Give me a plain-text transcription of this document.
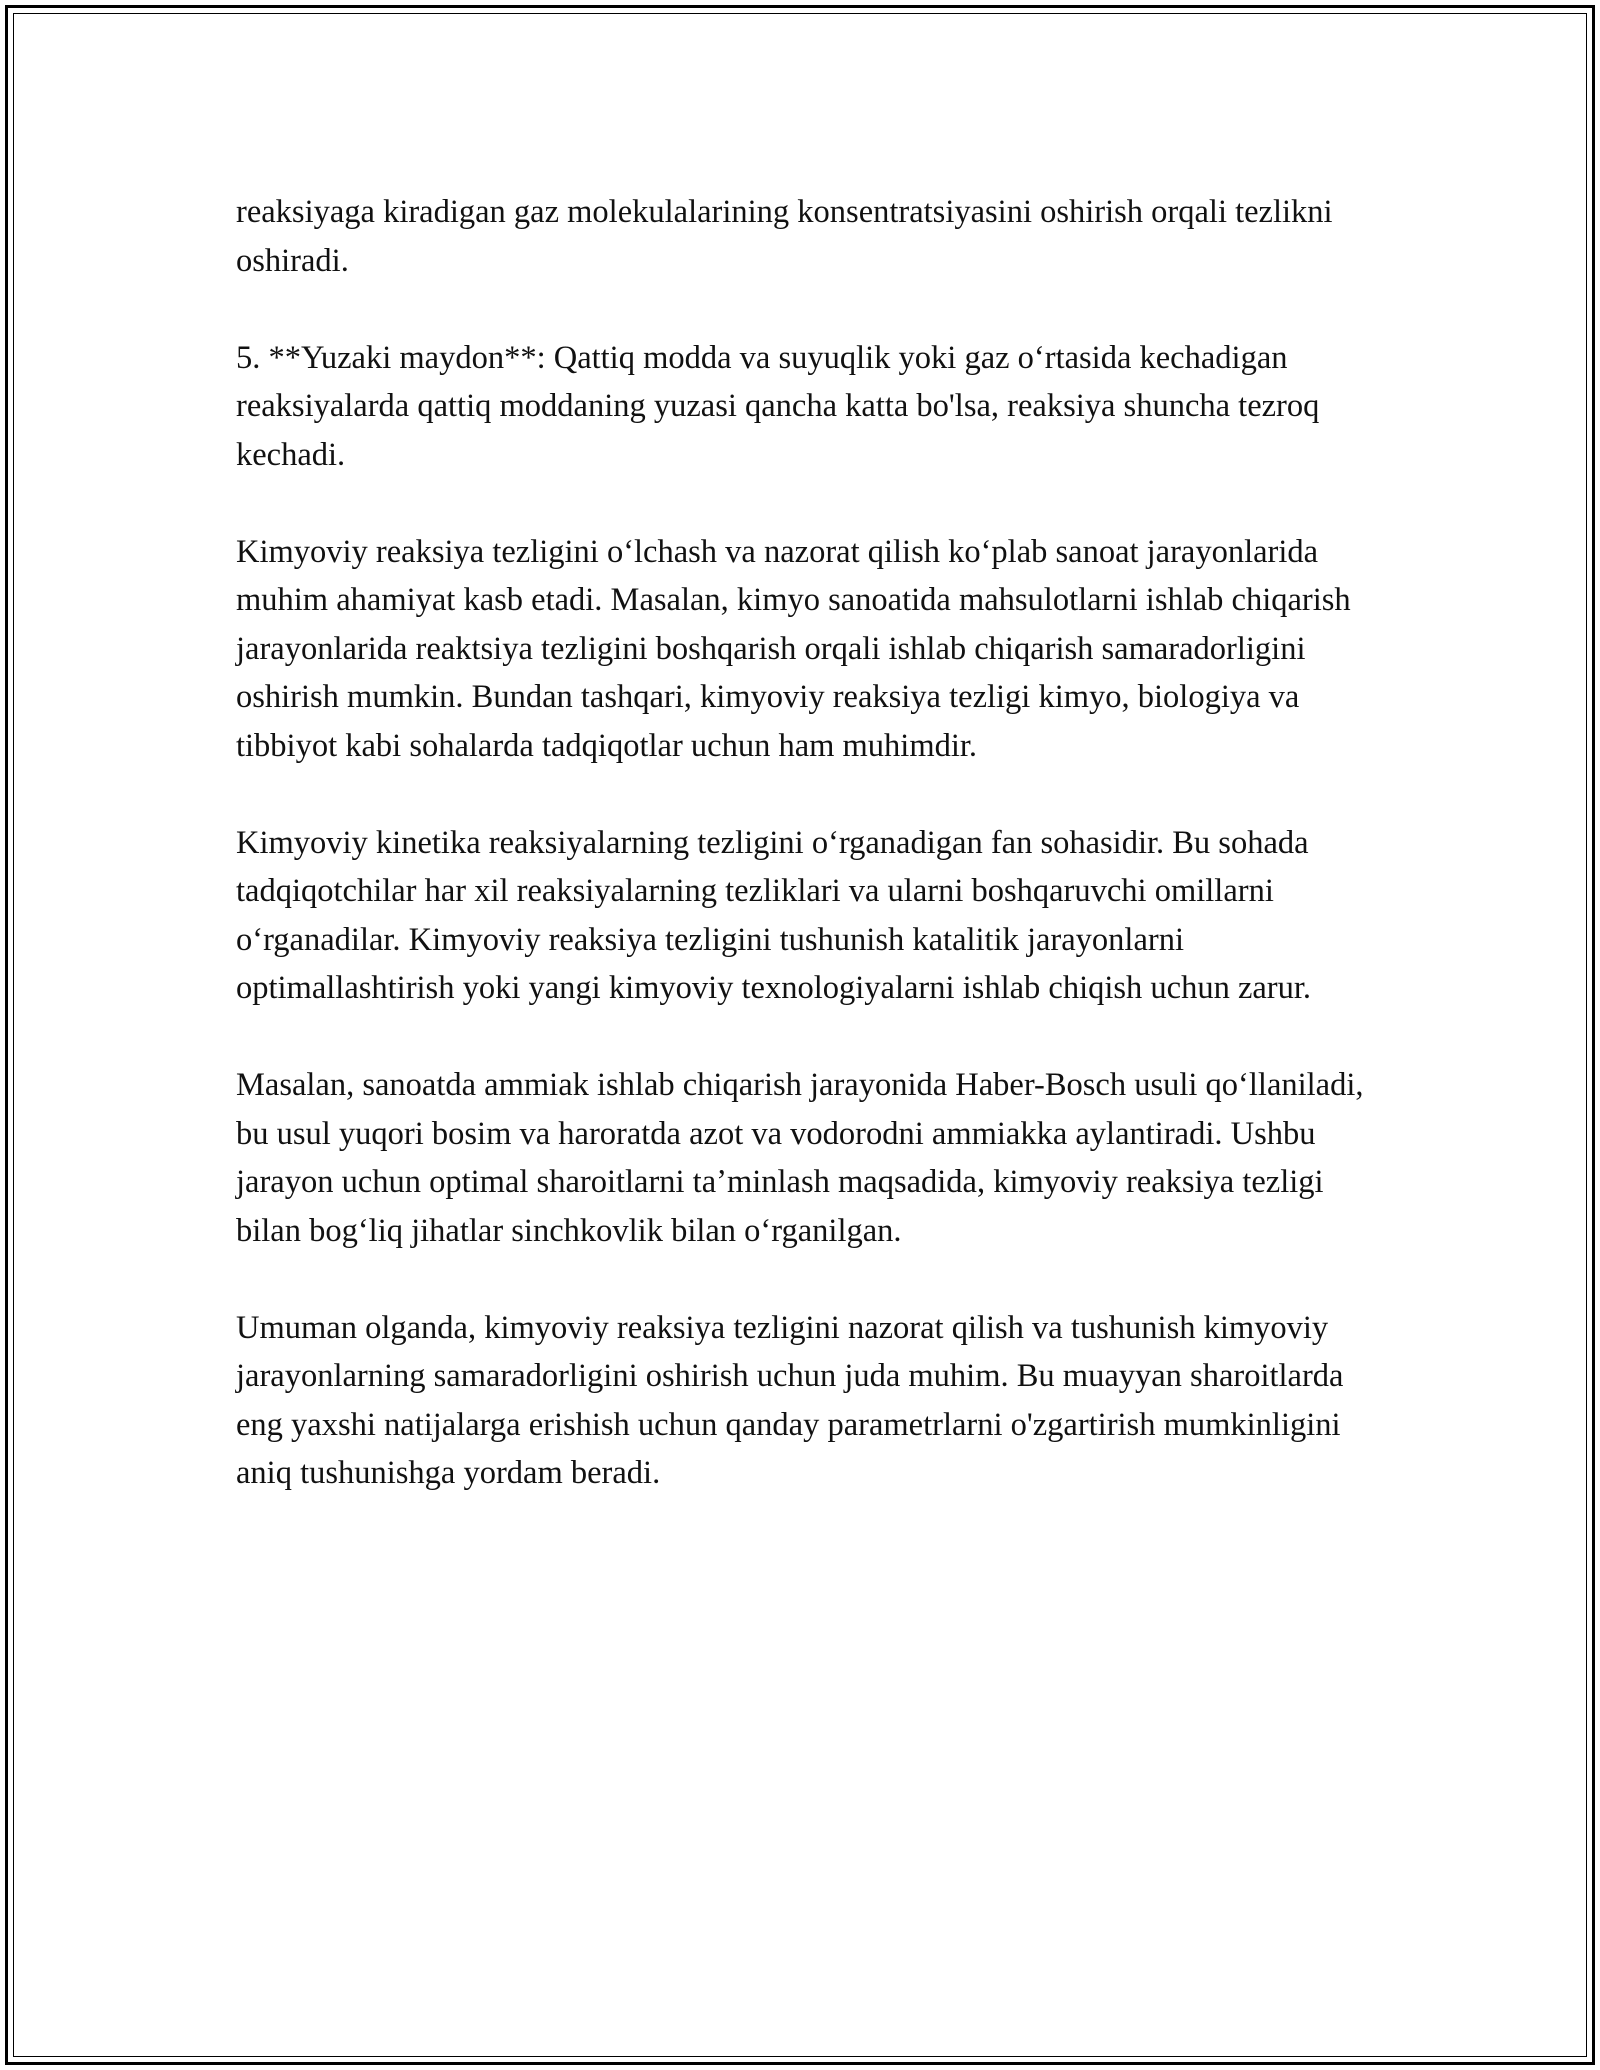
reaksiyaga kiradigan gaz molekulalarining konsentratsiyasini oshirish orqali tezlikni oshiradi.

5. **Yuzaki maydon**: Qattiq modda va suyuqlik yoki gaz oʻrtasida kechadigan reaksiyalarda qattiq moddaning yuzasi qancha katta bo'lsa, reaksiya shuncha tezroq kechadi.

Kimyoviy reaksiya tezligini oʻlchash va nazorat qilish koʻplab sanoat jarayonlarida muhim ahamiyat kasb etadi. Masalan, kimyo sanoatida mahsulotlarni ishlab chiqarish jarayonlarida reaktsiya tezligini boshqarish orqali ishlab chiqarish samaradorligini oshirish mumkin. Bundan tashqari, kimyoviy reaksiya tezligi kimyo, biologiya va tibbiyot kabi sohalarda tadqiqotlar uchun ham muhimdir.

Kimyoviy kinetika reaksiyalarning tezligini oʻrganadigan fan sohasidir. Bu sohada tadqiqotchilar har xil reaksiyalarning tezliklari va ularni boshqaruvchi omillarni oʻrganadilar. Kimyoviy reaksiya tezligini tushunish katalitik jarayonlarni optimallashtirish yoki yangi kimyoviy texnologiyalarni ishlab chiqish uchun zarur.

Masalan, sanoatda ammiak ishlab chiqarish jarayonida Haber-Bosch usuli qoʻllaniladi, bu usul yuqori bosim va haroratda azot va vodorodni ammiakka aylantiradi. Ushbu jarayon uchun optimal sharoitlarni taʼminlash maqsadida, kimyoviy reaksiya tezligi bilan bogʻliq jihatlar sinchkovlik bilan oʻrganilgan.

Umuman olganda, kimyoviy reaksiya tezligini nazorat qilish va tushunish kimyoviy jarayonlarning samaradorligini oshirish uchun juda muhim. Bu muayyan sharoitlarda eng yaxshi natijalarga erishish uchun qanday parametrlarni o'zgartirish mumkinligini aniq tushunishga yordam beradi.
